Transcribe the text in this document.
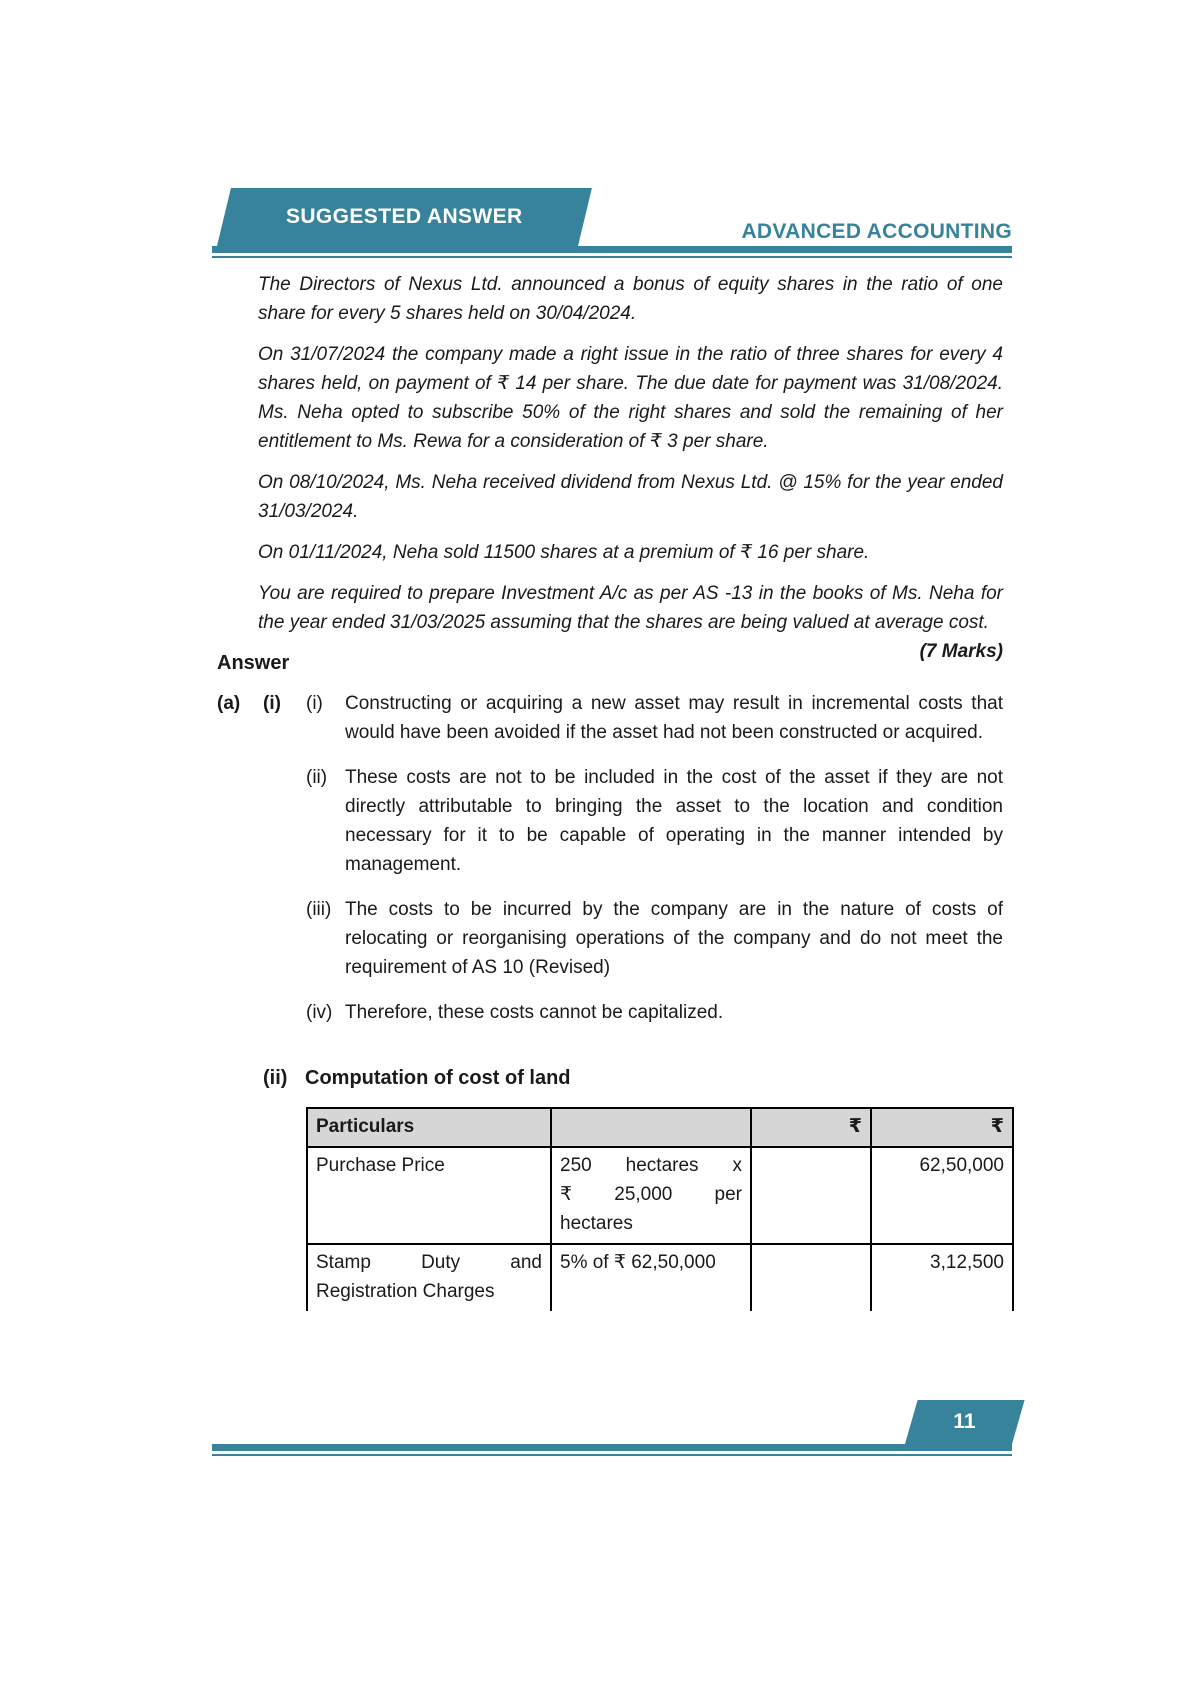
SUGGESTED ANSWER
ADVANCED ACCOUNTING

The Directors of Nexus Ltd. announced a bonus of equity shares in the ratio of one share for every 5 shares held on 30/04/2024.

On 31/07/2024 the company made a right issue in the ratio of three shares for every 4 shares held, on payment of ₹ 14 per share. The due date for payment was 31/08/2024. Ms. Neha opted to subscribe 50% of the right shares and sold the remaining of her entitlement to Ms. Rewa for a consideration of ₹ 3 per share.

On 08/10/2024, Ms. Neha received dividend from Nexus Ltd. @ 15% for the year ended 31/03/2024.

On 01/11/2024, Neha sold 11500 shares at a premium of ₹ 16 per share.

You are required to prepare Investment A/c as per AS -13 in the books of Ms. Neha for the year ended 31/03/2025 assuming that the shares are being valued at average cost.
(7 Marks)

Answer
(a)	(i)	(i)	Constructing or acquiring a new asset may result in incremental costs that would have been avoided if the asset had not been constructed or acquired.
(ii) These costs are not to be included in the cost of the asset if they are not directly attributable to bringing the asset to the location and condition necessary for it to be capable of operating in the manner intended by management.
(iii) The costs to be incurred by the company are in the nature of costs of relocating or reorganising operations of the company and do not meet the requirement of AS 10 (Revised)
(iv) Therefore, these costs cannot be capitalized.
(ii) Computation of cost of land
Particulars		₹	₹
Purchase Price	250 hectares x ₹ 25,000 per hectares		62,50,000
Stamp Duty and Registration Charges	5% of ₹ 62,50,000		3,12,500
11
